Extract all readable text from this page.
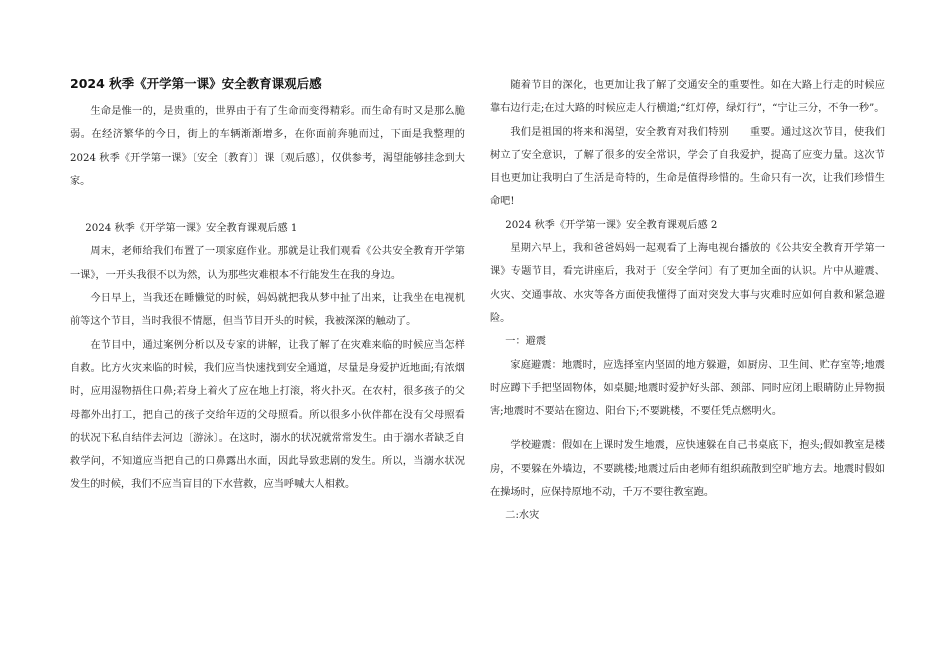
2024 秋季《开学第一课》安全教育课观后感

生命是惟一的，是贵重的，世界由于有了生命而变得精彩。而生命有时又是那么脆弱。在经济繁华的今日，街上的车辆渐渐增多，在你面前奔驰而过，下面是我整理的 2024 秋季《开学第一课》〔安全〔教育〕〕课〔观后感〕，仅供参考，渴望能够挂念到大家。

2024 秋季《开学第一课》安全教育课观后感 1

周末，老师给我们布置了一项家庭作业。那就是让我们观看《公共安全教育开学第一课》，一开头我很不以为然，认为那些灾难根本不行能发生在我的身边。

今日早上，当我还在睡懒觉的时候，妈妈就把我从梦中扯了出来，让我坐在电视机前等这个节目，当时我很不情愿，但当节目开头的时候，我被深深的触动了。

在节目中，通过案例分析以及专家的讲解，让我了解了在灾难来临的时候应当怎样自救。比方火灾来临的时候，我们应当快速找到安全通道，尽量是身爱护近地面;有浓烟时，应用湿物捂住口鼻;若身上着火了应在地上打滚，将火扑灭。在农村，很多孩子的父母都外出打工，把自己的孩子交给年迈的父母照看。所以很多小伙伴都在没有父母照看的状况下私自结伴去河边〔游泳〕。在这时，溺水的状况就常常发生。由于溺水者缺乏自救学问，不知道应当把自己的口鼻露出水面，因此导致悲剧的发生。所以，当溺水状况发生的时候，我们不应当盲目的下水营救，应当呼喊大人相救。

随着节目的深化，也更加让我了解了交通安全的重要性。如在大路上行走的时候应靠右边行走;在过大路的时候应走人行横道;“红灯停，绿灯行”，“宁让三分，不争一秒”。

我们是祖国的将来和渴望，安全教育对我们特别　　重要。通过这次节目，使我们树立了安全意识，了解了很多的安全常识，学会了自我爱护，提高了应变力量。这次节目也更加让我明白了生活是奇特的，生命是值得珍惜的。生命只有一次，让我们珍惜生命吧!

2024 秋季《开学第一课》安全教育课观后感 2

星期六早上，我和爸爸妈妈一起观看了上海电视台播放的《公共安全教育开学第一课》专题节目，看完讲座后，我对于〔安全学问〕有了更加全面的认识。片中从避震、火灾、交通事故、水灾等各方面使我懂得了面对突发大事与灾难时应如何自救和紧急避险。

一：避震

家庭避震：地震时，应选择室内坚固的地方躲避，如厨房、卫生间、贮存室等;地震时应蹲下手把坚固物体，如桌腿;地震时爱护好头部、颈部、同时应闭上眼睛防止异物损害;地震时不要站在窗边、阳台下;不要跳楼，不要任凭点燃明火。

学校避震：假如在上课时发生地震，应快速躲在自己书桌底下，抱头;假如教室是楼房，不要躲在外墙边，不要跳楼;地震过后由老师有组织疏散到空旷地方去。地震时假如在操场时，应保持原地不动，千万不要往教室跑。

二:水灾
